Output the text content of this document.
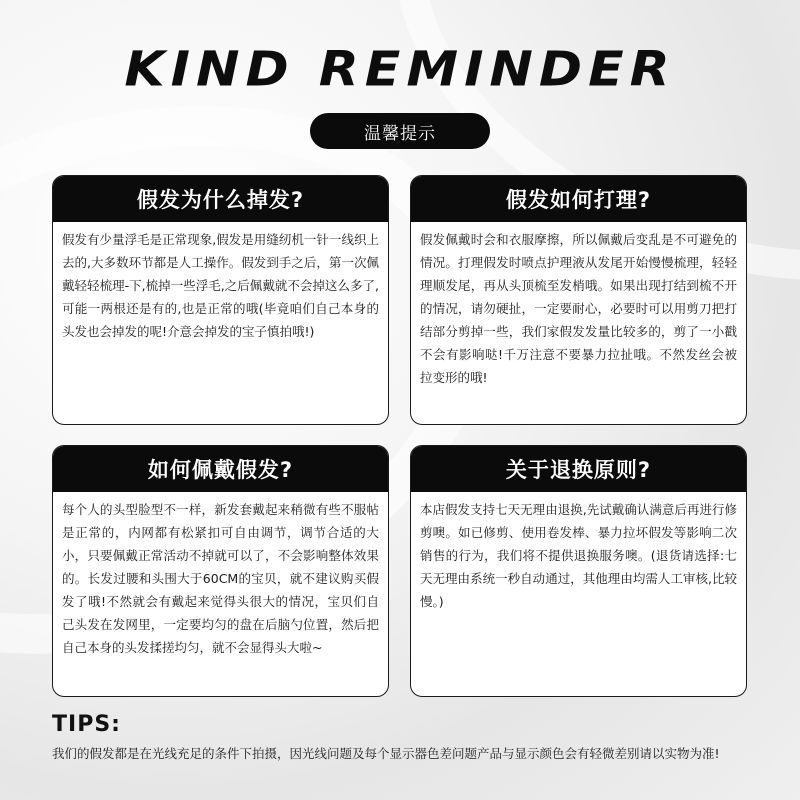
KIND REMINDER
温馨提示
假发为什么掉发?
假发有少量浮毛是正常现象,假发是用缝纫机一针一线织上去的,大多数环节都是人工操作。假发到手之后，第一次佩戴轻轻梳理-下,梳掉一些浮毛,之后佩戴就不会掉这么多了,可能一两根还是有的,也是正常的哦(毕竟咱们自己本身的头发也会掉发的呢!介意会掉发的宝子慎拍哦!)
假发如何打理?
假发佩戴时会和衣服摩擦，所以佩戴后变乱是不可避免的情况。打理假发时喷点护理液从发尾开始慢慢梳理，轻轻理顺发尾，再从头顶梳至发梢哦。如果出现打结到梳不开的情况，请勿硬扯，一定要耐心，必要时可以用剪刀把打结部分剪掉一些，我们家假发发量比较多的，剪了一小戳不会有影响哒!千万注意不要暴力拉扯哦。不然发丝会被拉变形的哦!
如何佩戴假发?
每个人的头型脸型不一样，新发套戴起来稍微有些不服帖是正常的，内网都有松紧扣可自由调节，调节合适的大小，只要佩戴正常活动不掉就可以了，不会影响整体效果的。长发过腰和头围大于60CM的宝贝，就不建议购买假发了哦!不然就会有戴起来觉得头很大的情况，宝贝们自己头发在发网里，一定要均匀的盘在后脑勺位置，然后把自己本身的头发揉搓均匀，就不会显得头大啦~
关于退换原则?
本店假发支持七天无理由退换,先试戴确认满意后再进行修剪噢。如已修剪、使用卷发棒、暴力拉坏假发等影响二次销售的行为，我们将不提供退换服务噢。(退货请选择:七天无理由系统一秒自动通过，其他理由均需人工审核,比较慢。)
TIPS:
我们的假发都是在光线充足的条件下拍摄，因光线问题及每个显示器色差问题产品与显示颜色会有轻微差别请以实物为准!
